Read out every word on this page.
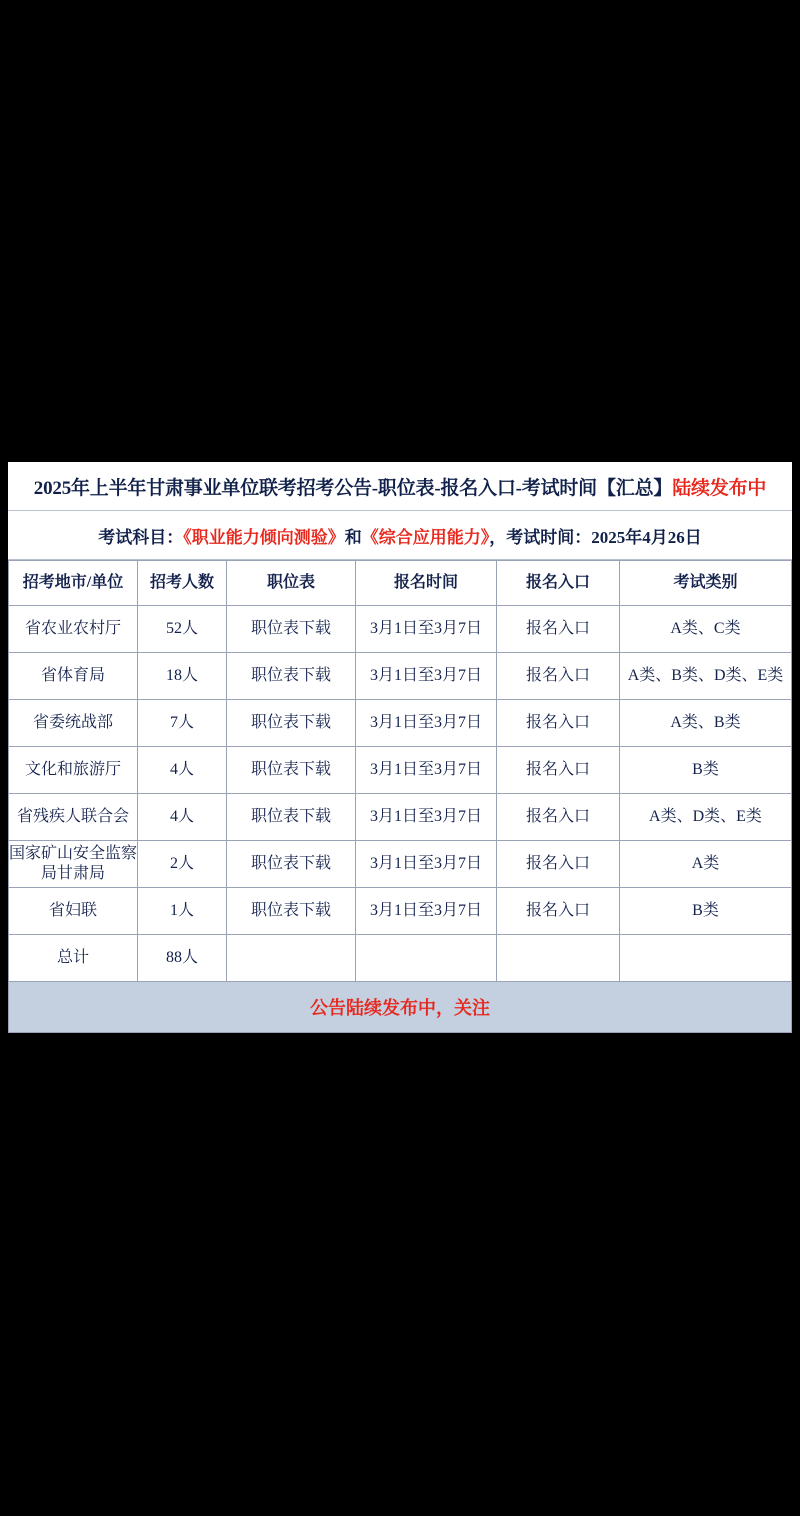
2025年上半年甘肃事业单位联考招考公告-职位表-报名入口-考试时间【汇总】陆续发布中
考试科目：《职业能力倾向测验》和《综合应用能力》，考试时间：2025年4月26日
招考地市/单位	招考人数	职位表	报名时间	报名入口	考试类别
省农业农村厅	52人	职位表下载	3月1日至3月7日	报名入口	A类、C类
省体育局	18人	职位表下载	3月1日至3月7日	报名入口	A类、B类、D类、E类
省委统战部	7人	职位表下载	3月1日至3月7日	报名入口	A类、B类
文化和旅游厅	4人	职位表下载	3月1日至3月7日	报名入口	B类
省残疾人联合会	4人	职位表下载	3月1日至3月7日	报名入口	A类、D类、E类
国家矿山安全监察局甘肃局	2人	职位表下载	3月1日至3月7日	报名入口	A类
省妇联	1人	职位表下载	3月1日至3月7日	报名入口	B类
总计	88人				
公告陆续发布中，关注
